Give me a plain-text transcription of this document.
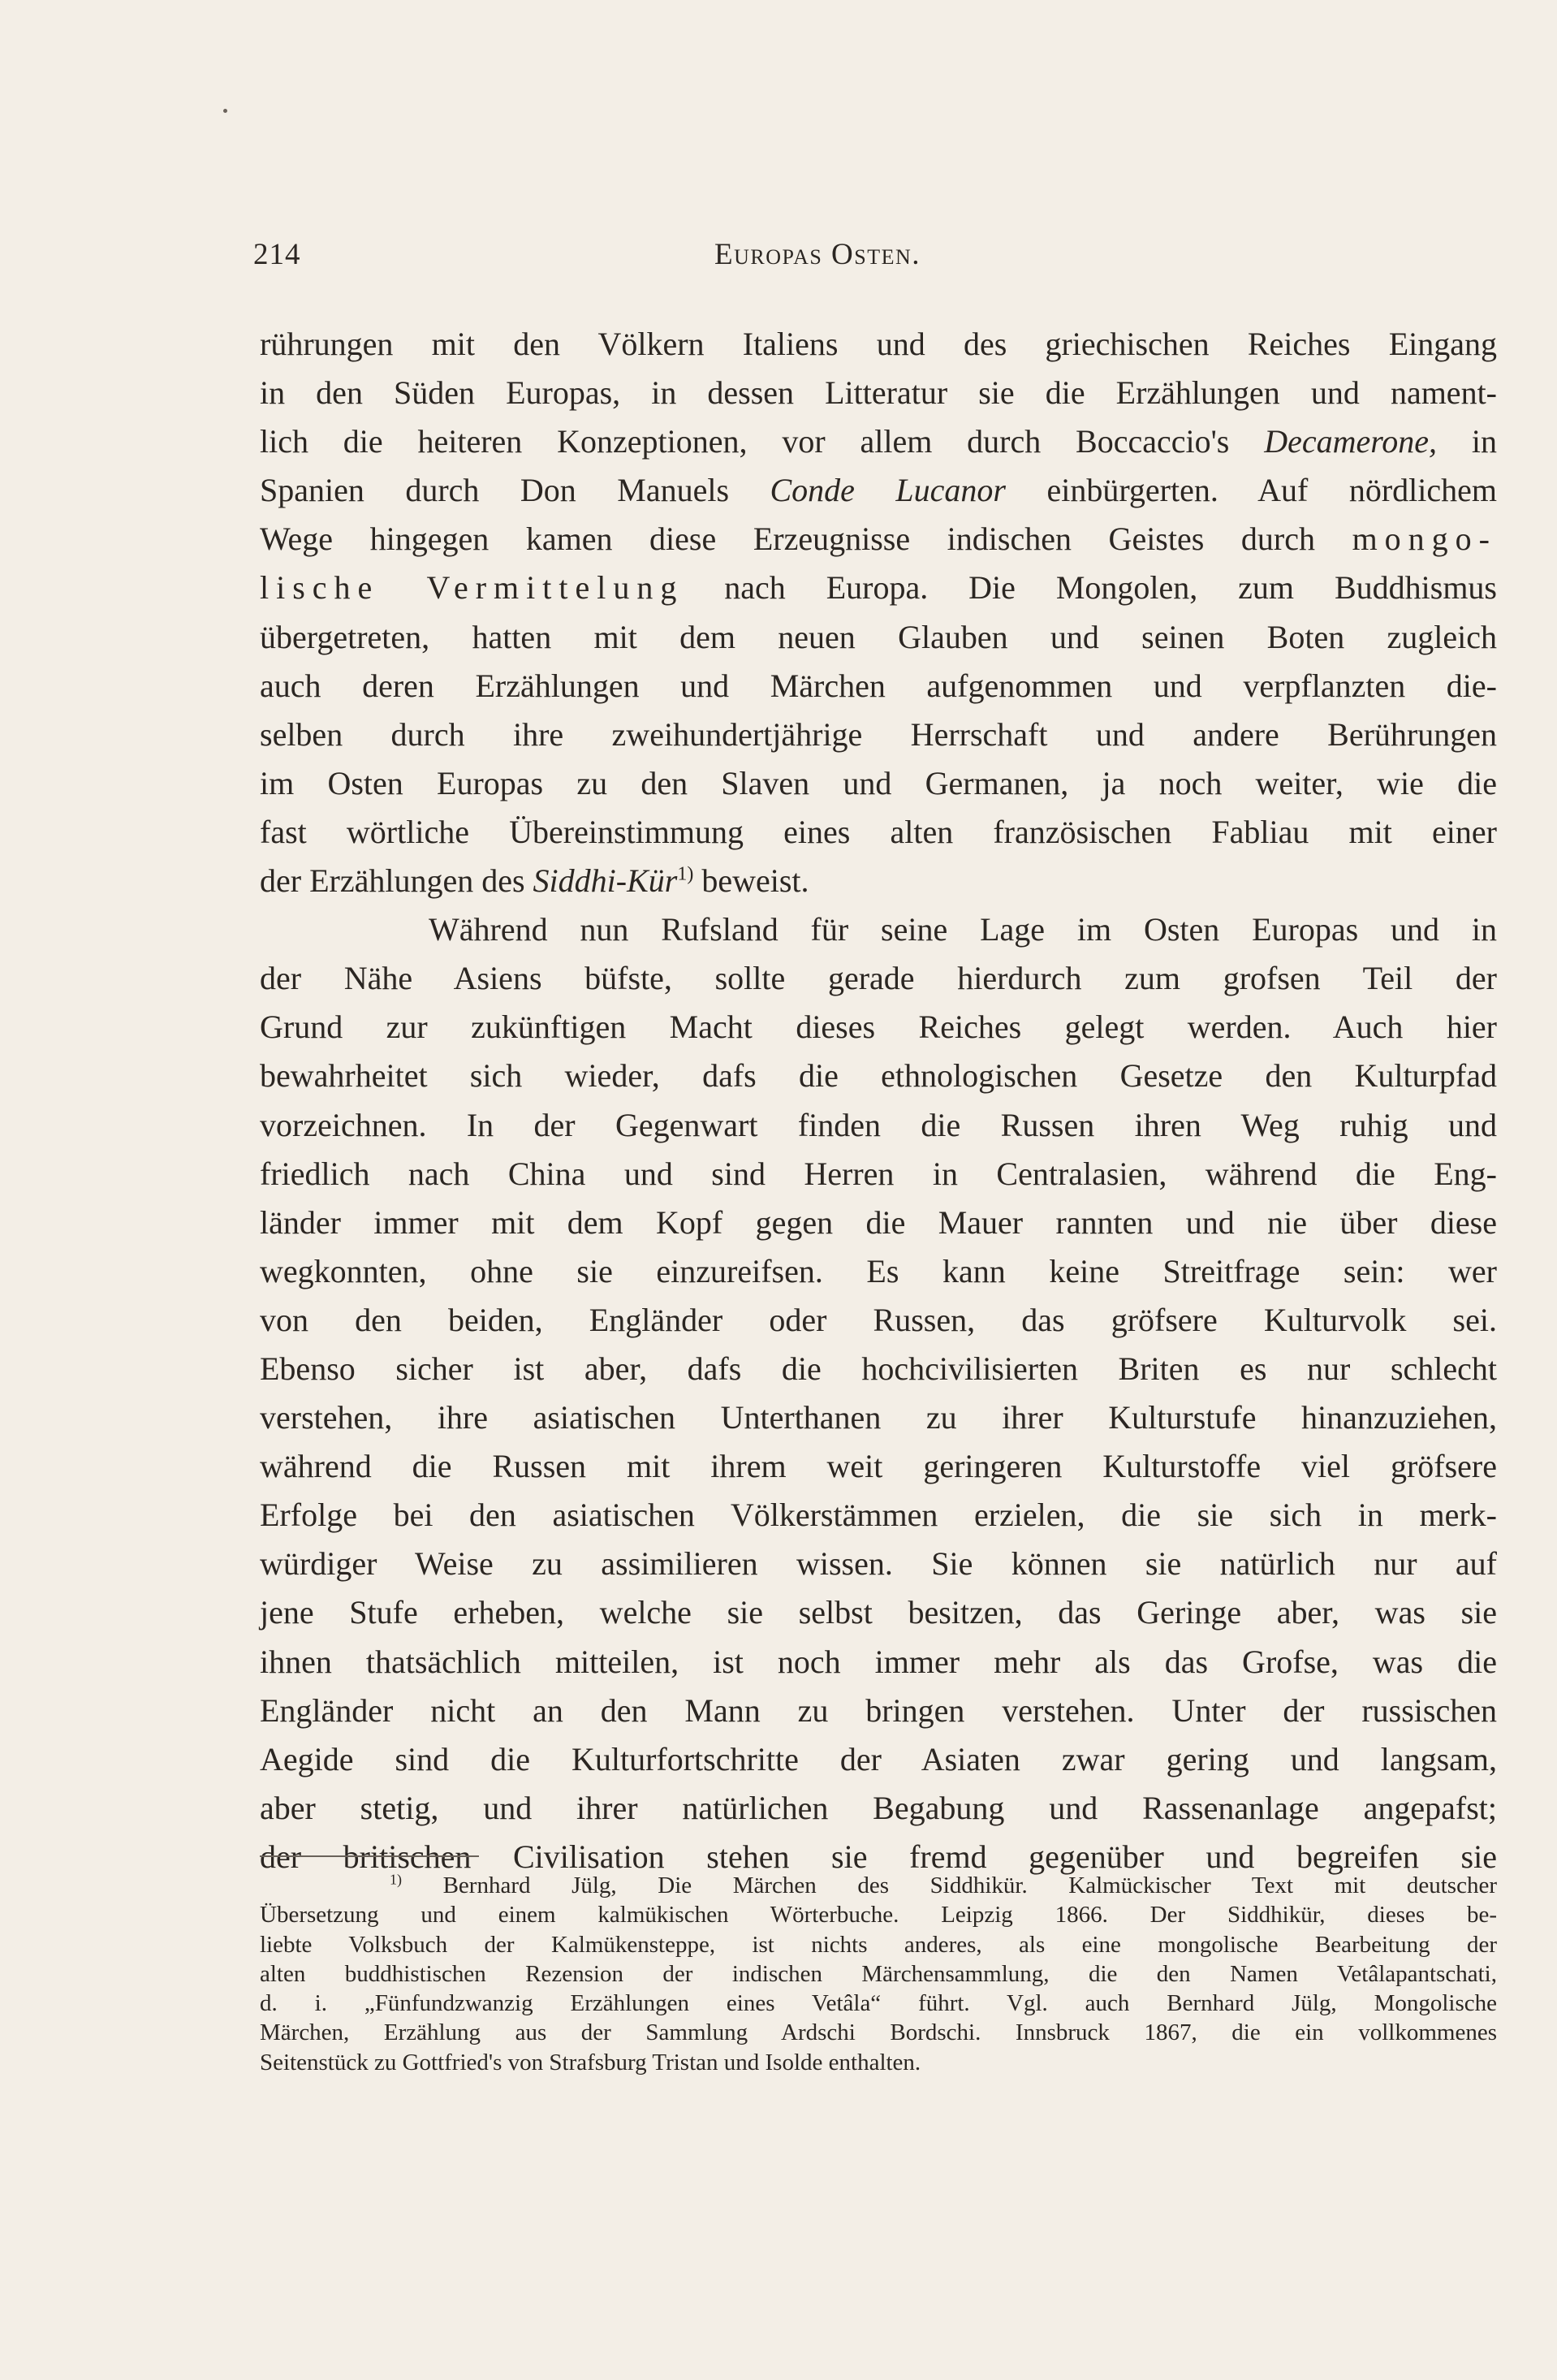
214	Europas Osten.
rührungen mit den Völkern Italiens und des griechischen Reiches Eingang
in den Süden Europas, in dessen Litteratur sie die Erzählungen und nament-
lich die heiteren Konzeptionen, vor allem durch Boccaccio's Decamerone, in
Spanien durch Don Manuels Conde Lucanor einbürgerten. Auf nördlichem
Wege hingegen kamen diese Erzeugnisse indischen Geistes durch mongo-
lische Vermittelung nach Europa. Die Mongolen, zum Buddhismus
übergetreten, hatten mit dem neuen Glauben und seinen Boten zugleich
auch deren Erzählungen und Märchen aufgenommen und verpflanzten die-
selben durch ihre zweihundertjährige Herrschaft und andere Berührungen
im Osten Europas zu den Slaven und Germanen, ja noch weiter, wie die
fast wörtliche Übereinstimmung eines alten französischen Fabliau mit einer
der Erzählungen des Siddhi-Kür$^{1)}$ beweist.
Während nun Rufsland für seine Lage im Osten Europas und in
der Nähe Asiens büfste, sollte gerade hierdurch zum grofsen Teil der
Grund zur zukünftigen Macht dieses Reiches gelegt werden. Auch hier
bewahrheitet sich wieder, dafs die ethnologischen Gesetze den Kulturpfad
vorzeichnen. In der Gegenwart finden die Russen ihren Weg ruhig und
friedlich nach China und sind Herren in Centralasien, während die Eng-
länder immer mit dem Kopf gegen die Mauer rannten und nie über diese
wegkonnten, ohne sie einzureifsen. Es kann keine Streitfrage sein: wer
von den beiden, Engländer oder Russen, das gröfsere Kulturvolk sei.
Ebenso sicher ist aber, dafs die hochcivilisierten Briten es nur schlecht
verstehen, ihre asiatischen Unterthanen zu ihrer Kulturstufe hinanzuziehen,
während die Russen mit ihrem weit geringeren Kulturstoffe viel gröfsere
Erfolge bei den asiatischen Völkerstämmen erzielen, die sie sich in merk-
würdiger Weise zu assimilieren wissen. Sie können sie natürlich nur auf
jene Stufe erheben, welche sie selbst besitzen, das Geringe aber, was sie
ihnen thatsächlich mitteilen, ist noch immer mehr als das Grofse, was die
Engländer nicht an den Mann zu bringen verstehen. Unter der russischen
Aegide sind die Kulturfortschritte der Asiaten zwar gering und langsam,
aber stetig, und ihrer natürlichen Begabung und Rassenanlage angepafst;
der britischen Civilisation stehen sie fremd gegenüber und begreifen sie
$^{1)}$ Bernhard Jülg, Die Märchen des Siddhikür. Kalmückischer Text mit deutscher
Übersetzung und einem kalmükischen Wörterbuche. Leipzig 1866. Der Siddhikür, dieses be-
liebte Volksbuch der Kalmükensteppe, ist nichts anderes, als eine mongolische Bearbeitung der
alten buddhistischen Rezension der indischen Märchensammlung, die den Namen Vetâlapantschati,
d. i. „Fünfundzwanzig Erzählungen eines Vetâla“ führt. Vgl. auch Bernhard Jülg, Mongolische
Märchen, Erzählung aus der Sammlung Ardschi Bordschi. Innsbruck 1867, die ein vollkommenes
Seitenstück zu Gottfried's von Strafsburg Tristan und Isolde enthalten.
